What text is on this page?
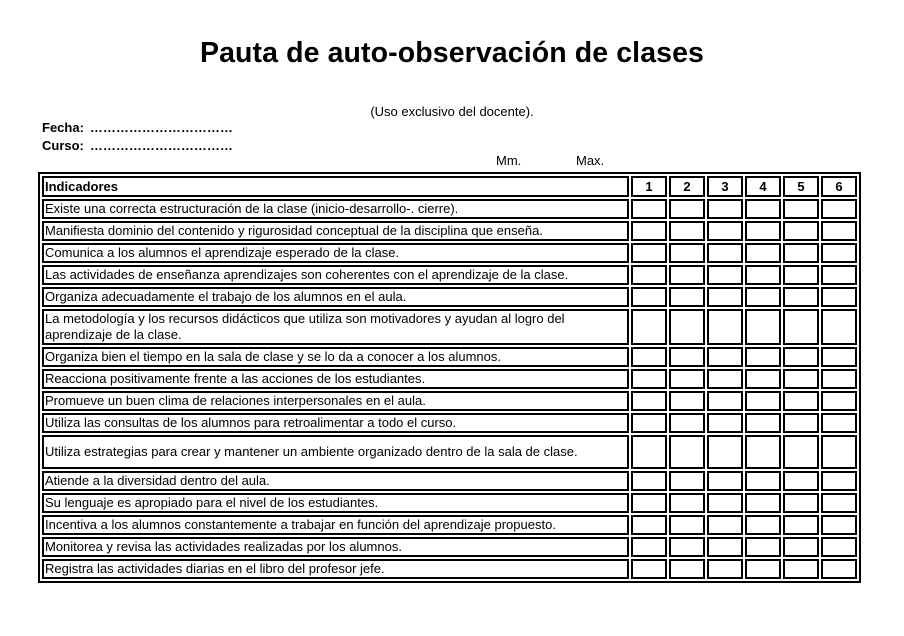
Pauta de auto-observación de clases
(Uso exclusivo del docente).
Fecha: ……………………………
Curso: ……………………………
Mm.	Max.
Indicadores	1	2	3	4	5	6
Existe una correcta estructuración de la clase (inicio-desarrollo-. cierre).						
Manifiesta dominio del contenido y rigurosidad conceptual de la disciplina que enseña.						
Comunica a los alumnos el aprendizaje esperado de la clase.						
Las actividades de enseñanza aprendizajes son coherentes con el aprendizaje de la clase.						
Organiza adecuadamente el trabajo de los alumnos en el aula.						
La metodología y los recursos didácticos que utiliza son motivadores y ayudan al logro del aprendizaje de la clase.						
Organiza bien el tiempo en la sala de clase y se lo da a conocer a los alumnos.						
Reacciona positivamente frente a las acciones de los estudiantes.						
Promueve un buen clima de relaciones interpersonales en el aula.						
Utiliza las consultas de los alumnos para retroalimentar a todo el curso.						
Utiliza estrategias para crear y mantener un ambiente organizado dentro de la sala de clase.						
Atiende a la diversidad dentro del aula.						
Su lenguaje es apropiado para el nivel de los estudiantes.						
Incentiva a los alumnos constantemente a trabajar en función del aprendizaje propuesto.						
Monitorea y revisa las actividades realizadas por los alumnos.						
Registra las actividades diarias en el libro del profesor jefe.						
